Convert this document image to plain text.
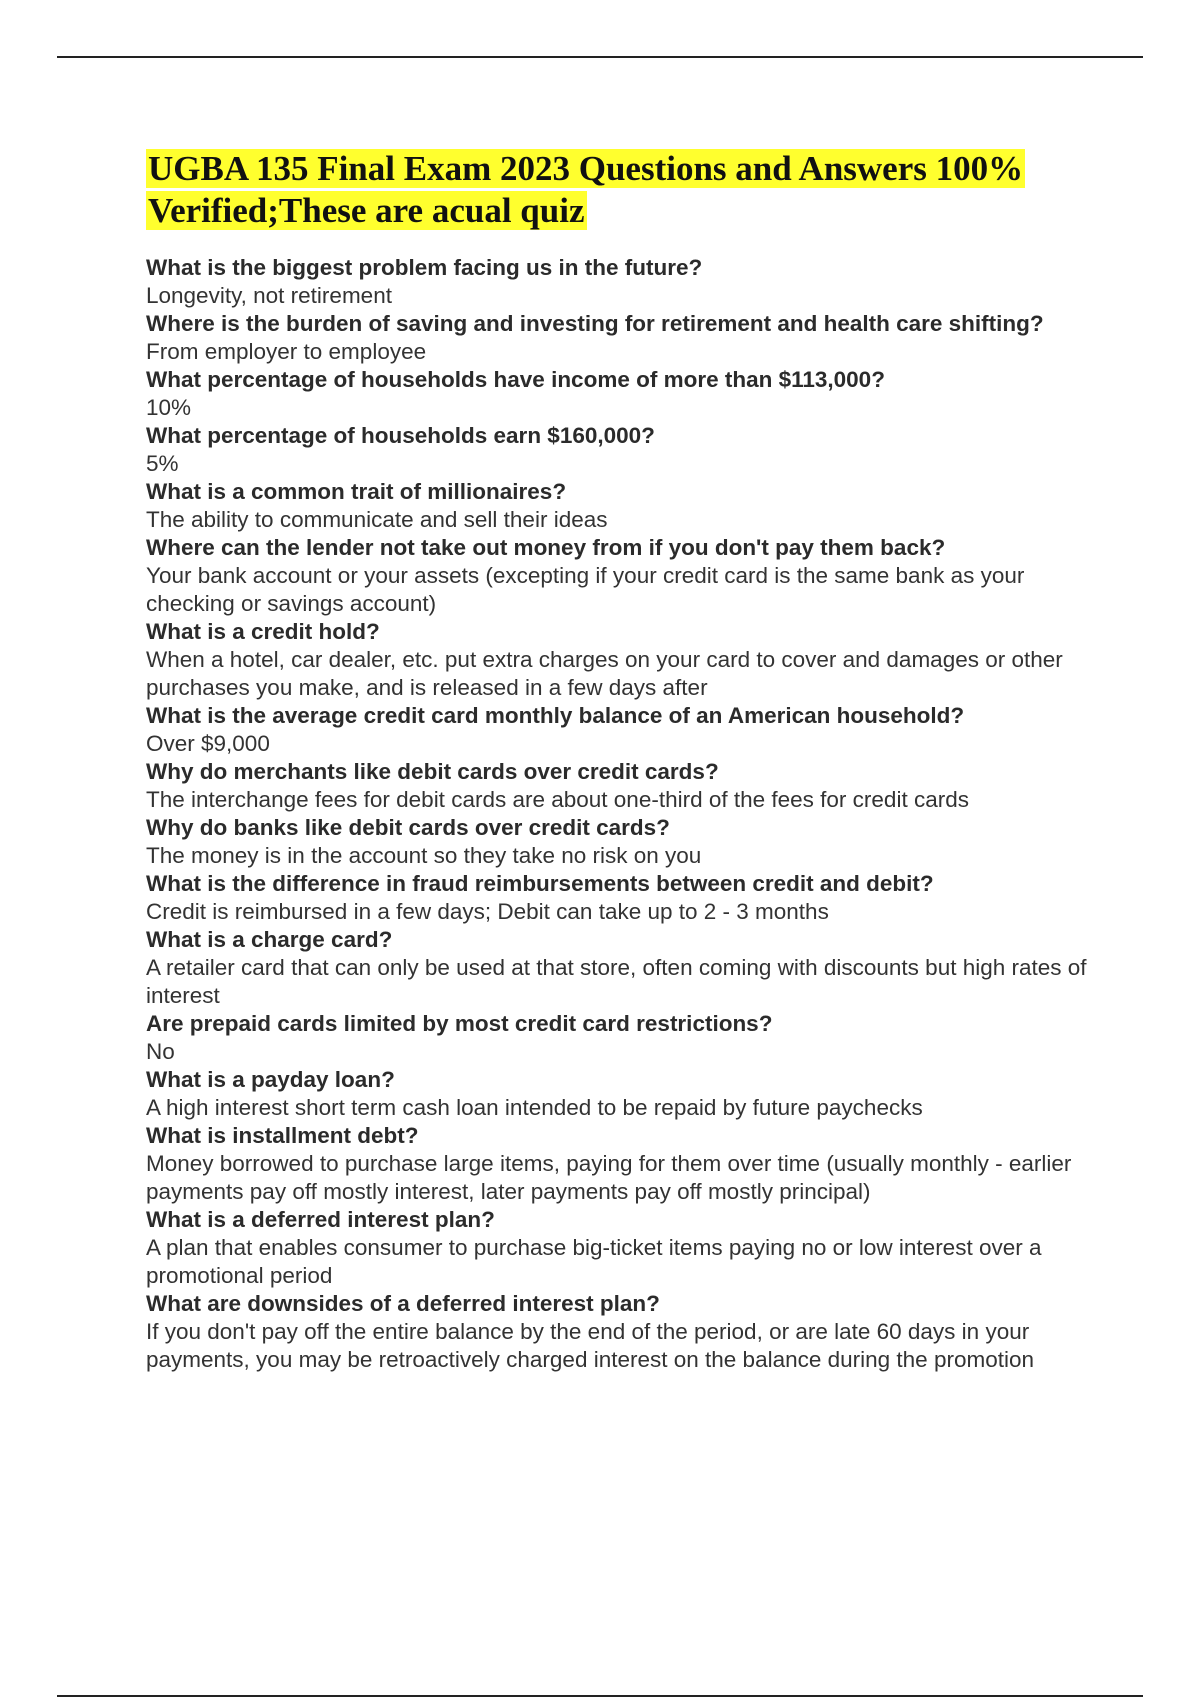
UGBA 135 Final Exam 2023 Questions and Answers 100% Verified;These are acual quiz

What is the biggest problem facing us in the future?

Longevity, not retirement

Where is the burden of saving and investing for retirement and health care shifting?

From employer to employee

What percentage of households have income of more than $113,000?

10%

What percentage of households earn $160,000?

5%

What is a common trait of millionaires?

The ability to communicate and sell their ideas

Where can the lender not take out money from if you don't pay them back?

Your bank account or your assets (excepting if your credit card is the same bank as your checking or savings account)

What is a credit hold?

When a hotel, car dealer, etc. put extra charges on your card to cover and damages or other purchases you make, and is released in a few days after

What is the average credit card monthly balance of an American household?

Over $9,000

Why do merchants like debit cards over credit cards?

The interchange fees for debit cards are about one-third of the fees for credit cards

Why do banks like debit cards over credit cards?

The money is in the account so they take no risk on you

What is the difference in fraud reimbursements between credit and debit?

Credit is reimbursed in a few days; Debit can take up to 2 - 3 months

What is a charge card?

A retailer card that can only be used at that store, often coming with discounts but high rates of interest

Are prepaid cards limited by most credit card restrictions?

No

What is a payday loan?

A high interest short term cash loan intended to be repaid by future paychecks

What is installment debt?

Money borrowed to purchase large items, paying for them over time (usually monthly - earlier payments pay off mostly interest, later payments pay off mostly principal)

What is a deferred interest plan?

A plan that enables consumer to purchase big-ticket items paying no or low interest over a promotional period

What are downsides of a deferred interest plan?

If you don't pay off the entire balance by the end of the period, or are late 60 days in your payments, you may be retroactively charged interest on the balance during the promotion
